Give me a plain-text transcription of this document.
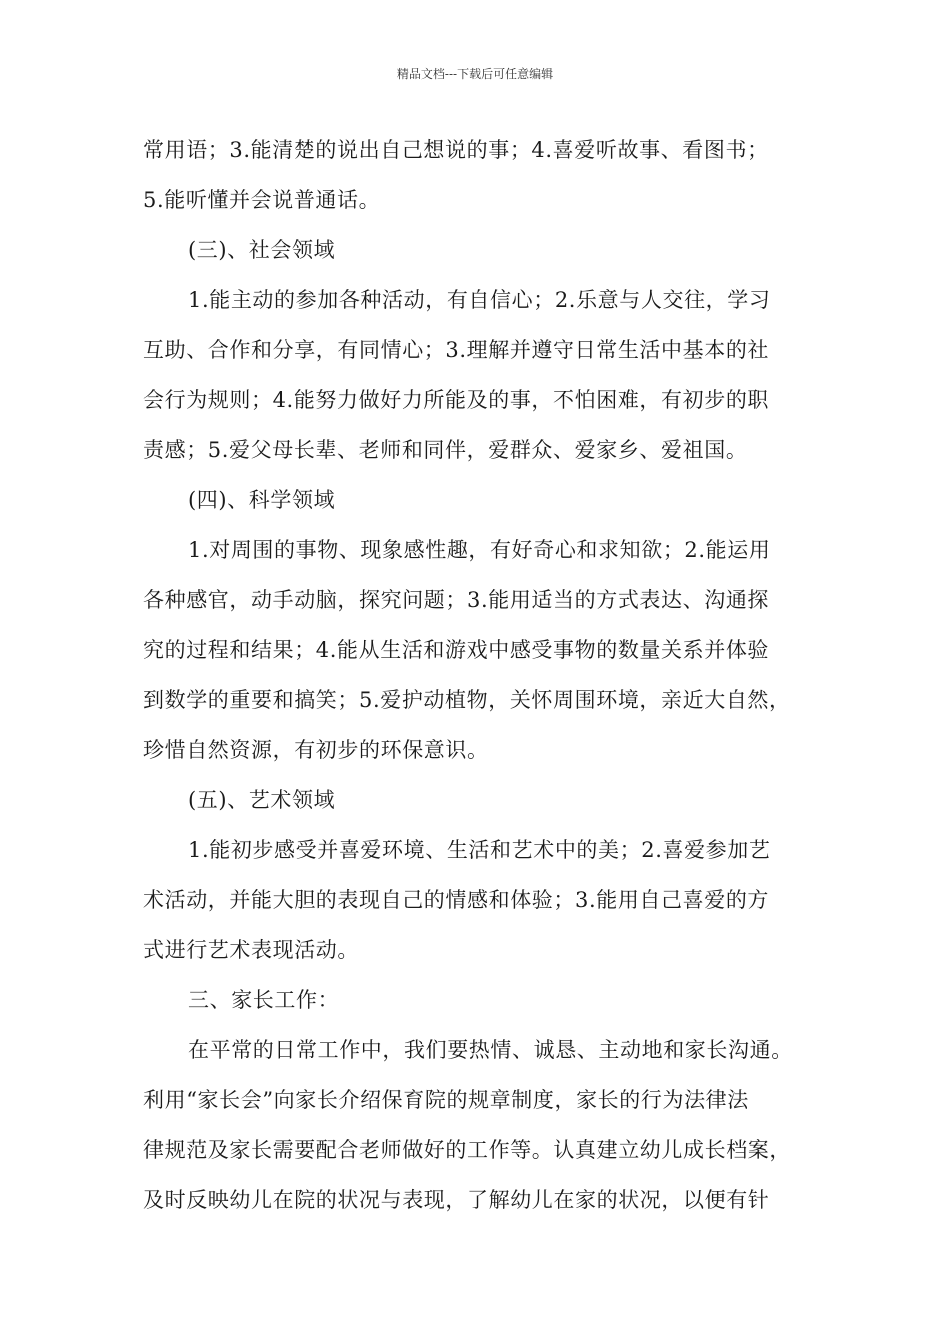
精品文档---下载后可任意编辑
常用语；3.能清楚的说出自己想说的事；4.喜爱听故事、看图书；
5.能听懂并会说普通话。
(三)、社会领域
1.能主动的参加各种活动，有自信心；2.乐意与人交往，学习
互助、合作和分享，有同情心；3.理解并遵守日常生活中基本的社
会行为规则；4.能努力做好力所能及的事，不怕困难，有初步的职
责感；5.爱父母长辈、老师和同伴，爱群众、爱家乡、爱祖国。
(四)、科学领域
1.对周围的事物、现象感性趣，有好奇心和求知欲；2.能运用
各种感官，动手动脑，探究问题；3.能用适当的方式表达、沟通探
究的过程和结果；4.能从生活和游戏中感受事物的数量关系并体验
到数学的重要和搞笑；5.爱护动植物，关怀周围环境，亲近大自然，
珍惜自然资源，有初步的环保意识。
(五)、艺术领域
1.能初步感受并喜爱环境、生活和艺术中的美；2.喜爱参加艺
术活动，并能大胆的表现自己的情感和体验；3.能用自己喜爱的方
式进行艺术表现活动。
三、家长工作：
在平常的日常工作中，我们要热情、诚恳、主动地和家长沟通。
利用“家长会”向家长介绍保育院的规章制度，家长的行为法律法
律规范及家长需要配合老师做好的工作等。认真建立幼儿成长档案，
及时反映幼儿在院的状况与表现，了解幼儿在家的状况，以便有针
